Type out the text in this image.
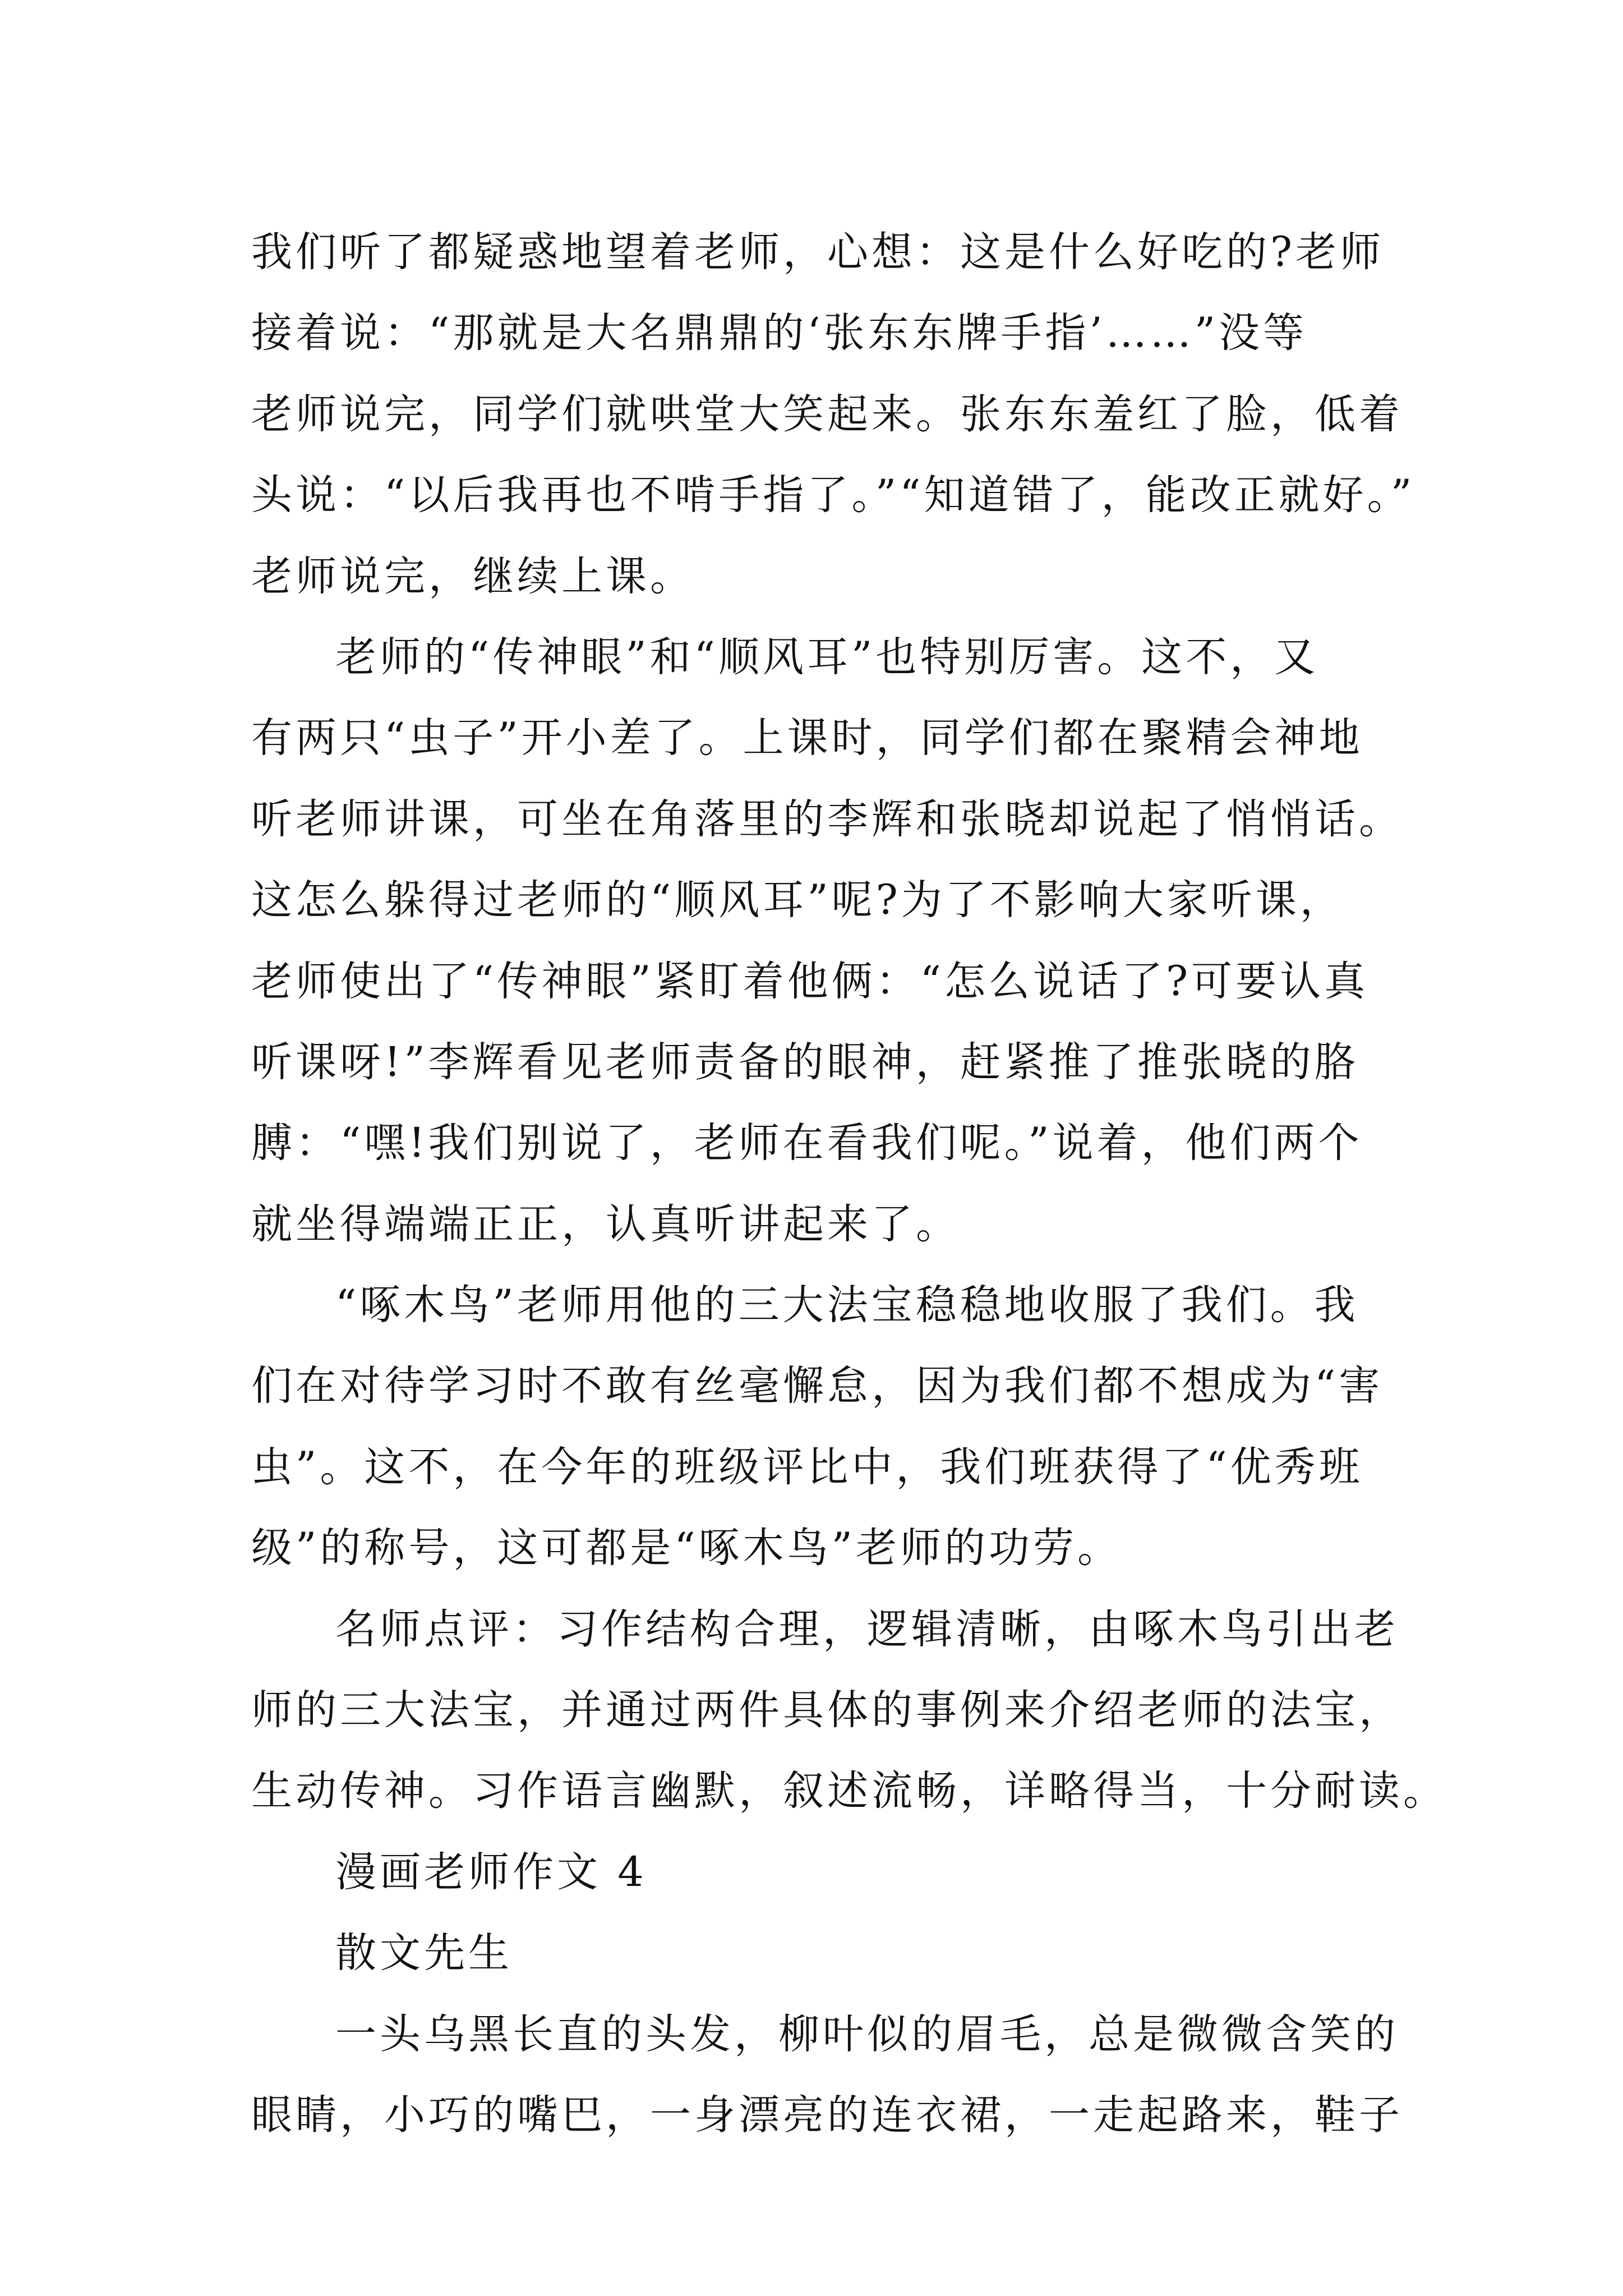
我们听了都疑惑地望着老师，心想：这是什么好吃的?老师
接着说：“那就是大名鼎鼎的‘张东东牌手指’……”没等
老师说完，同学们就哄堂大笑起来。张东东羞红了脸，低着
头说：“以后我再也不啃手指了。”“知道错了，能改正就好。”
老师说完，继续上课。
老师的“传神眼”和“顺风耳”也特别厉害。这不，又
有两只“虫子”开小差了。上课时，同学们都在聚精会神地
听老师讲课，可坐在角落里的李辉和张晓却说起了悄悄话。
这怎么躲得过老师的“顺风耳”呢?为了不影响大家听课，
老师使出了“传神眼”紧盯着他俩：“怎么说话了?可要认真
听课呀!”李辉看见老师责备的眼神，赶紧推了推张晓的胳
膊：“嘿!我们别说了，老师在看我们呢。”说着，他们两个
就坐得端端正正，认真听讲起来了。
“啄木鸟”老师用他的三大法宝稳稳地收服了我们。我
们在对待学习时不敢有丝毫懈怠，因为我们都不想成为“害
虫”。这不，在今年的班级评比中，我们班获得了“优秀班
级”的称号，这可都是“啄木鸟”老师的功劳。
名师点评：习作结构合理，逻辑清晰，由啄木鸟引出老
师的三大法宝，并通过两件具体的事例来介绍老师的法宝，
生动传神。习作语言幽默，叙述流畅，详略得当，十分耐读。
漫画老师作文 4
散文先生
一头乌黑长直的头发，柳叶似的眉毛，总是微微含笑的
眼睛，小巧的嘴巴，一身漂亮的连衣裙，一走起路来，鞋子
